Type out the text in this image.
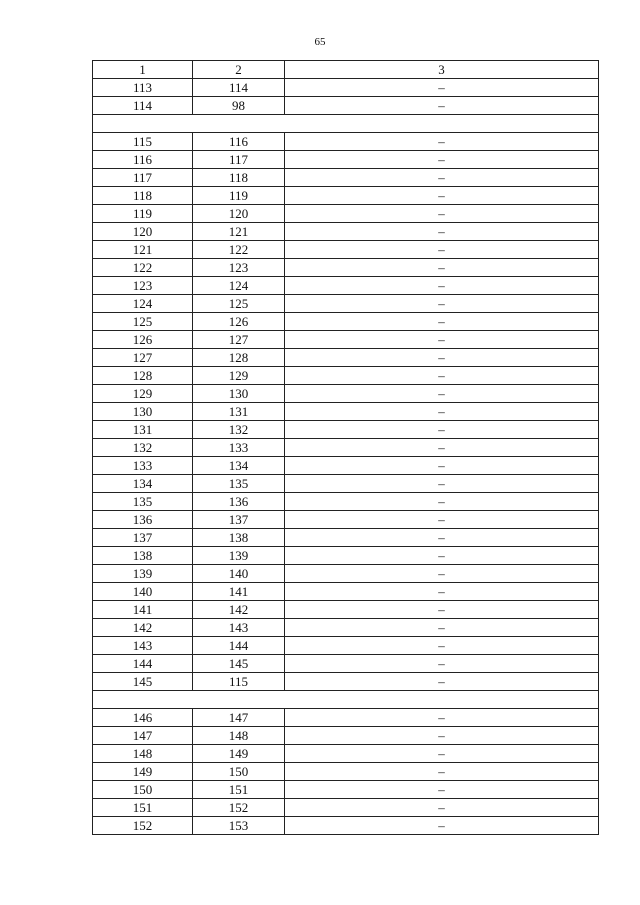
65
1	2	3
113	114	–
114	98	–

115	116	–
116	117	–
117	118	–
118	119	–
119	120	–
120	121	–
121	122	–
122	123	–
123	124	–
124	125	–
125	126	–
126	127	–
127	128	–
128	129	–
129	130	–
130	131	–
131	132	–
132	133	–
133	134	–
134	135	–
135	136	–
136	137	–
137	138	–
138	139	–
139	140	–
140	141	–
141	142	–
142	143	–
143	144	–
144	145	–
145	115	–

146	147	–
147	148	–
148	149	–
149	150	–
150	151	–
151	152	–
152	153	–
